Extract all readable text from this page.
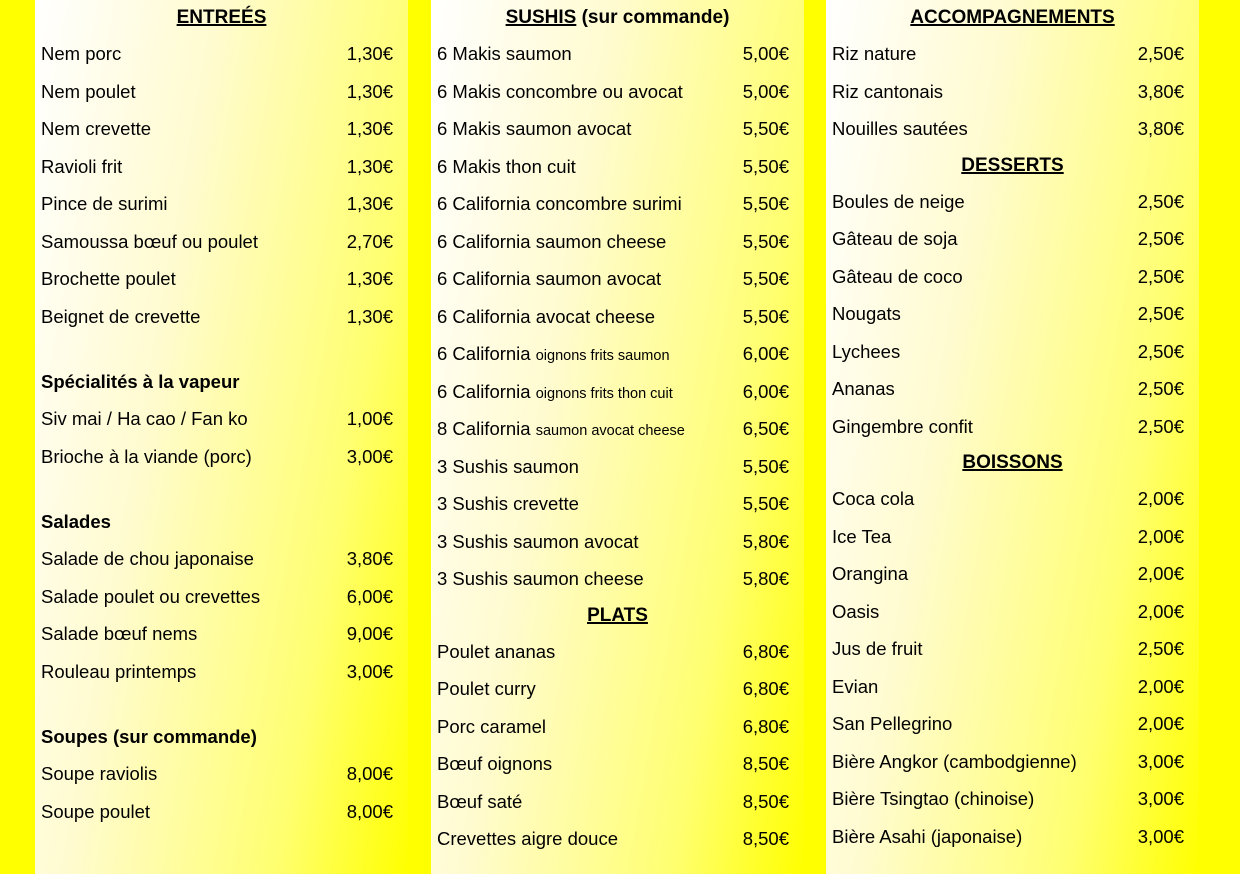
ENTREÉS
Nem porc	1,30€
Nem poulet	1,30€
Nem crevette	1,30€
Ravioli frit	1,30€
Pince de surimi	1,30€
Samoussa bœuf ou poulet	2,70€
Brochette poulet	1,30€
Beignet de crevette	1,30€
Spécialités à la vapeur
Siv mai / Ha cao / Fan ko	1,00€
Brioche à la viande (porc)	3,00€
Salades
Salade de chou japonaise	3,80€
Salade poulet ou crevettes	6,00€
Salade bœuf nems	9,00€
Rouleau printemps	3,00€
Soupes (sur commande)
Soupe raviolis	8,00€
Soupe poulet	8,00€
SUSHIS (sur commande)
6 Makis saumon	5,00€
6 Makis concombre ou avocat	5,00€
6 Makis saumon avocat	5,50€
6 Makis thon cuit	5,50€
6 California concombre surimi	5,50€
6 California saumon cheese	5,50€
6 California saumon avocat	5,50€
6 California avocat cheese	5,50€
6 California oignons frits saumon	6,00€
6 California oignons frits thon cuit	6,00€
8 California saumon avocat cheese	6,50€
3 Sushis saumon	5,50€
3 Sushis crevette	5,50€
3 Sushis saumon avocat	5,80€
3 Sushis saumon cheese	5,80€
PLATS
Poulet ananas	6,80€
Poulet curry	6,80€
Porc caramel	6,80€
Bœuf oignons	8,50€
Bœuf saté	8,50€
Crevettes aigre douce	8,50€
ACCOMPAGNEMENTS
Riz nature	2,50€
Riz cantonais	3,80€
Nouilles sautées	3,80€
DESSERTS
Boules de neige	2,50€
Gâteau de soja	2,50€
Gâteau de coco	2,50€
Nougats	2,50€
Lychees	2,50€
Ananas	2,50€
Gingembre confit	2,50€
BOISSONS
Coca cola	2,00€
Ice Tea	2,00€
Orangina	2,00€
Oasis	2,00€
Jus de fruit	2,50€
Evian	2,00€
San Pellegrino	2,00€
Bière Angkor (cambodgienne)	3,00€
Bière Tsingtao (chinoise)	3,00€
Bière Asahi (japonaise)	3,00€
